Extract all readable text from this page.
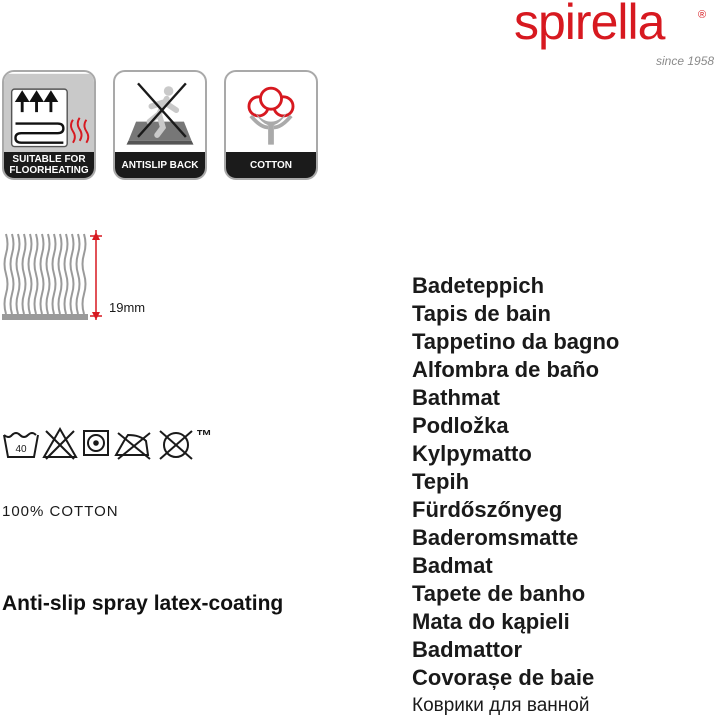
spirella	®
since 1958
SUITABLE FOR
FLOORHEATING	ANTISLIP BACK	COTTON
19mm
40
™
100% COTTON
Anti-slip spray latex-coating
Badeteppich
Tapis de bain
Tappetino da bagno
Alfombra de baño
Bathmat
Podložka
Kylpymatto
Tepih
Fürdőszőnyeg
Baderomsmatte
Badmat
Tapete de banho
Mata do kąpieli
Badmattor
Covorașe de baie
Коврики для ванной
